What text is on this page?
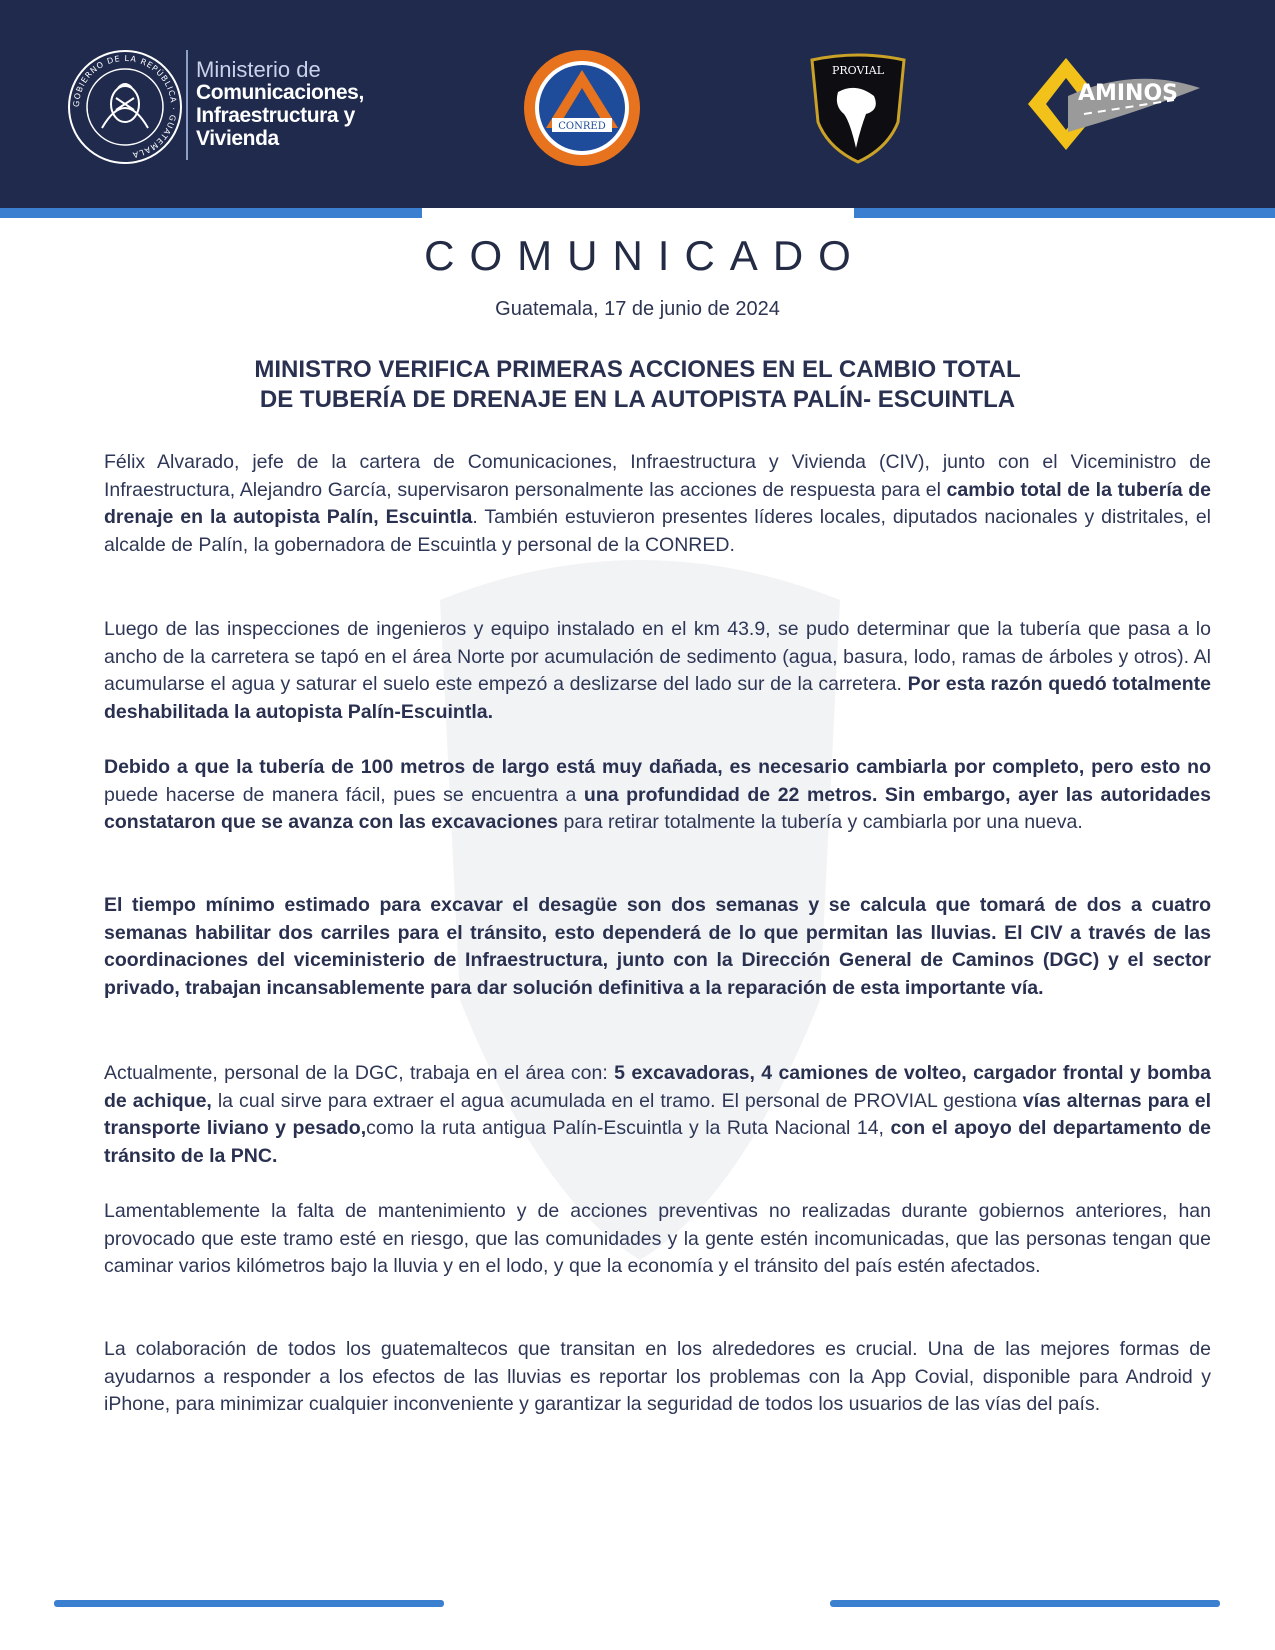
GOBIERNO DE LA REPÚBLICA · GUATEMALA
Ministerio de
Comunicaciones,
Infraestructura y
Vivienda
CONRED
PROVIAL
AMINOS
COMUNICADO
Guatemala, 17 de junio de 2024
MINISTRO VERIFICA PRIMERAS ACCIONES EN EL CAMBIO TOTAL
DE TUBERÍA DE DRENAJE EN LA AUTOPISTA PALÍN- ESCUINTLA
Félix Alvarado, jefe de la cartera de Comunicaciones, Infraestructura y Vivienda (CIV), junto con el Viceministro de Infraestructura, Alejandro García, supervisaron personalmente las acciones de respuesta para el cambio total de la tubería de drenaje en la autopista Palín, Escuintla. También estuvieron presentes líderes locales, diputados nacionales y distritales, el alcalde de Palín, la gobernadora de Escuintla y personal de la CONRED.
Luego de las inspecciones de ingenieros y equipo instalado en el km 43.9, se pudo determinar que la tubería que pasa a lo ancho de la carretera se tapó en el área Norte por acumulación de sedimento (agua, basura, lodo, ramas de árboles y otros). Al acumularse el agua y saturar el suelo este empezó a deslizarse del lado sur de la carretera. Por esta razón quedó totalmente deshabilitada la autopista Palín-Escuintla.
Debido a que la tubería de 100 metros de largo está muy dañada, es necesario cambiarla por completo, pero esto no puede hacerse de manera fácil, pues se encuentra a una profundidad de 22 metros. Sin embargo, ayer las autoridades constataron que se avanza con las excavaciones para retirar totalmente la tubería y cambiarla por una nueva.
El tiempo mínimo estimado para excavar el desagüe son dos semanas y se calcula que tomará de dos a cuatro semanas habilitar dos carriles para el tránsito, esto dependerá de lo que permitan las lluvias. El CIV a través de las coordinaciones del viceministerio de Infraestructura, junto con la Dirección General de Caminos (DGC) y el sector privado, trabajan incansablemente para dar solución definitiva a la reparación de esta importante vía.
Actualmente, personal de la DGC, trabaja en el área con: 5 excavadoras, 4 camiones de volteo, cargador frontal y bomba de achique, la cual sirve para extraer el agua acumulada en el tramo. El personal de PROVIAL gestiona vías alternas para el transporte liviano y pesado,como la ruta antigua Palín-Escuintla y la Ruta Nacional 14, con el apoyo del departamento de tránsito de la PNC.
Lamentablemente la falta de mantenimiento y de acciones preventivas no realizadas durante gobiernos anteriores, han provocado que este tramo esté en riesgo, que las comunidades y la gente estén incomunicadas, que las personas tengan que caminar varios kilómetros bajo la lluvia y en el lodo, y que la economía y el tránsito del país estén afectados.
La colaboración de todos los guatemaltecos que transitan en los alrededores es crucial. Una de las mejores formas de ayudarnos a responder a los efectos de las lluvias es reportar los problemas con la App Covial, disponible para Android y iPhone, para minimizar cualquier inconveniente y garantizar la seguridad de todos los usuarios de las vías del país.
